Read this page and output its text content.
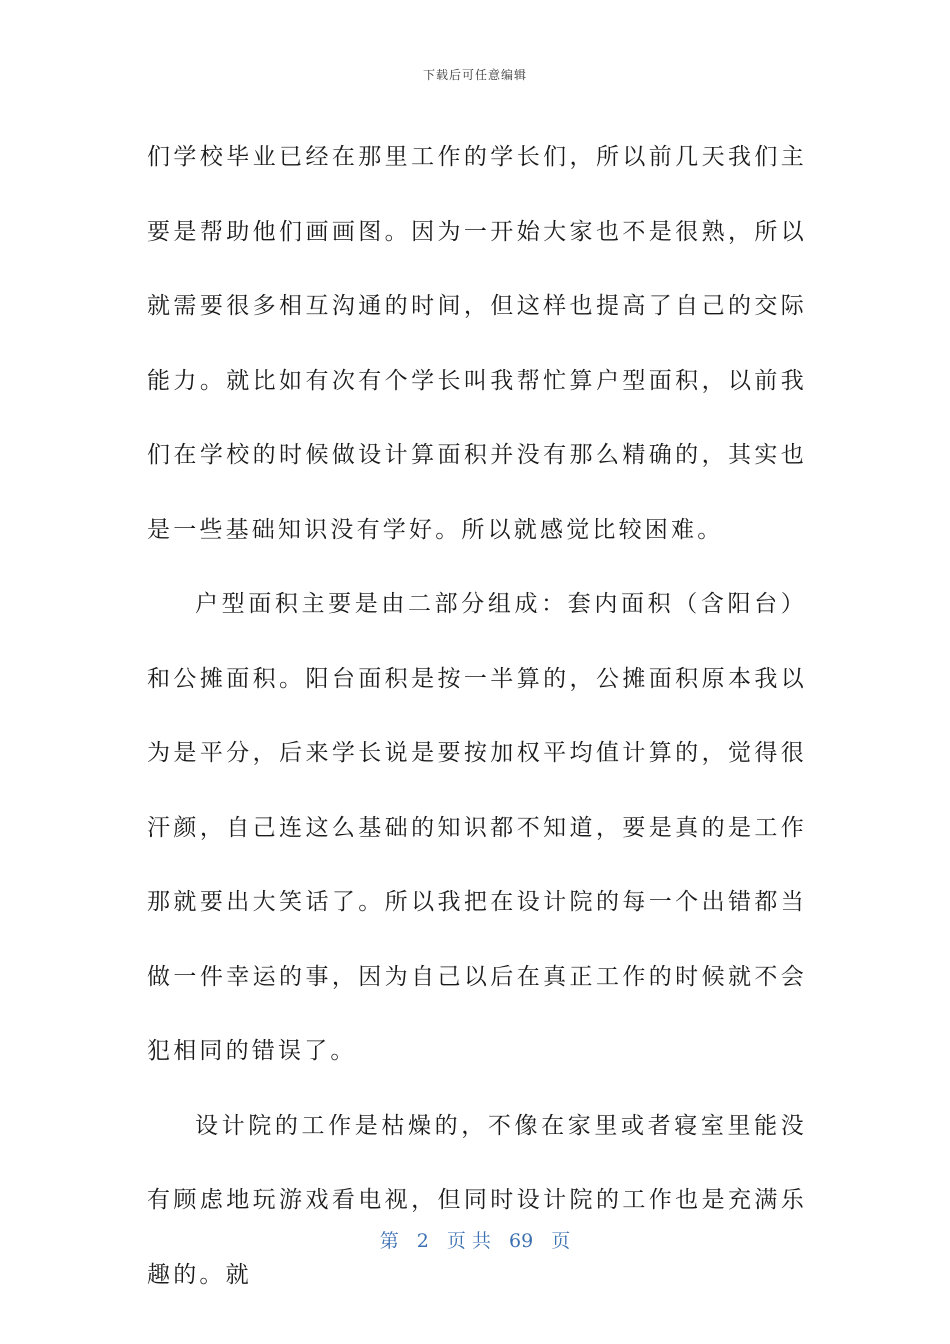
下载后可任意编辑

们学校毕业已经在那里工作的学长们，所以前几天我们主要是帮助他们画画图。因为一开始大家也不是很熟，所以就需要很多相互沟通的时间，但这样也提高了自己的交际能力。就比如有次有个学长叫我帮忙算户型面积，以前我们在学校的时候做设计算面积并没有那么精确的，其实也是一些基础知识没有学好。所以就感觉比较困难。

户型面积主要是由二部分组成：套内面积（含阳台）和公摊面积。阳台面积是按一半算的，公摊面积原本我以为是平分，后来学长说是要按加权平均值计算的，觉得很汗颜，自己连这么基础的知识都不知道，要是真的是工作那就要出大笑话了。所以我把在设计院的每一个出错都当做一件幸运的事，因为自己以后在真正工作的时候就不会犯相同的错误了。

设计院的工作是枯燥的，不像在家里或者寝室里能没有顾虑地玩游戏看电视，但同时设计院的工作也是充满乐趣的。就

第 2 页 共 69 页
